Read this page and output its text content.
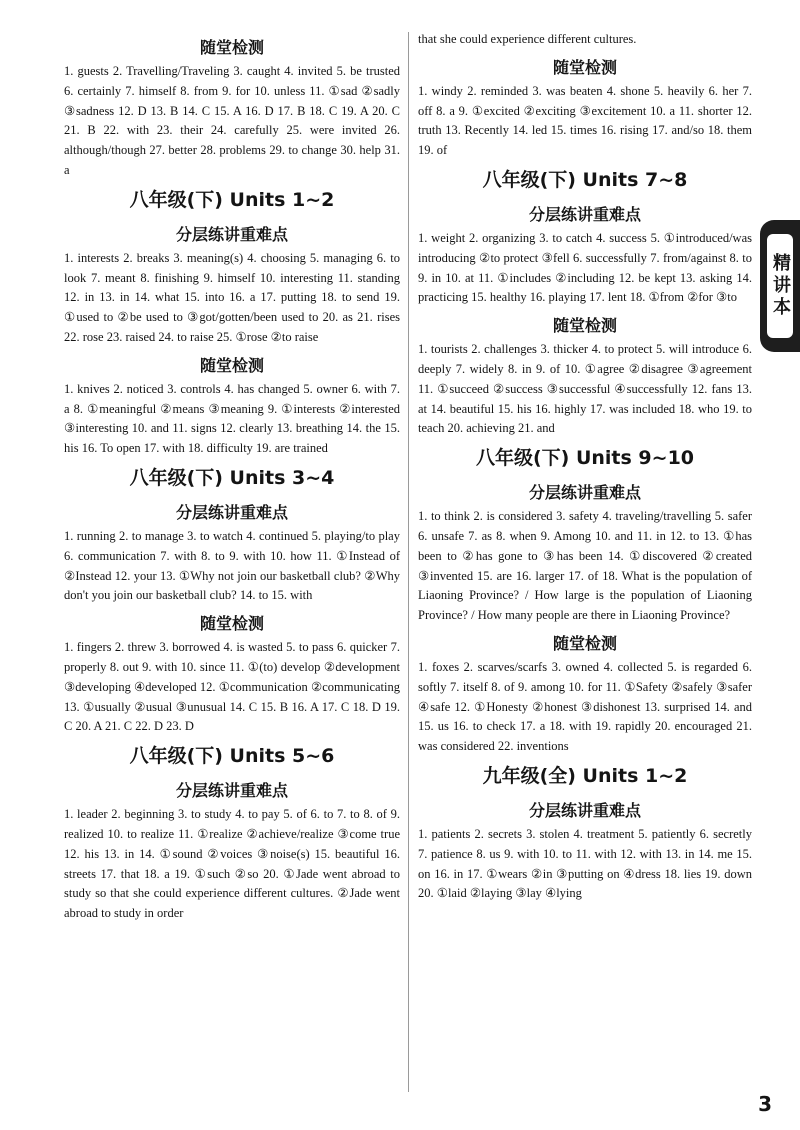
随堂检测
1. guests 2. Travelling/Traveling 3. caught 4. invited 5. be trusted 6. certainly 7. himself 8. from 9. for 10. unless 11. ①sad ②sadly ③sadness 12. D 13. B 14. C 15. A 16. D 17. B 18. C 19. A 20. C 21. B 22. with 23. their 24. carefully 25. were invited 26. although/though 27. better 28. problems 29. to change 30. help 31. a
八年级(下) Units 1~2
分层练讲重难点
1. interests 2. breaks 3. meaning(s) 4. choosing 5. managing 6. to look 7. meant 8. finishing 9. himself 10. interesting 11. standing 12. in 13. in 14. what 15. into 16. a 17. putting 18. to send 19. ①used to ②be used to ③got/gotten/been used to 20. as 21. rises 22. rose 23. raised 24. to raise 25. ①rose ②to raise
随堂检测
1. knives 2. noticed 3. controls 4. has changed 5. owner 6. with 7. a 8. ①meaningful ②means ③meaning 9. ①interests ②interested ③interesting 10. and 11. signs 12. clearly 13. breathing 14. the 15. his 16. To open 17. with 18. difficulty 19. are trained
八年级(下) Units 3~4
分层练讲重难点
1. running 2. to manage 3. to watch 4. continued 5. playing/to play 6. communication 7. with 8. to 9. with 10. how 11. ①Instead of ②Instead 12. your 13. ①Why not join our basketball club? ②Why don't you join our basketball club? 14. to 15. with
随堂检测
1. fingers 2. threw 3. borrowed 4. is wasted 5. to pass 6. quicker 7. properly 8. out 9. with 10. since 11. ①(to) develop ②development ③developing ④developed 12. ①communication ②communicating 13. ①usually ②usual ③unusual 14. C 15. B 16. A 17. C 18. D 19. C 20. A 21. C 22. D 23. D
八年级(下) Units 5~6
分层练讲重难点
1. leader 2. beginning 3. to study 4. to pay 5. of 6. to 7. to 8. of 9. realized 10. to realize 11. ①realize ②achieve/realize ③come true 12. his 13. in 14. ①sound ②voices ③noise(s) 15. beautiful 16. streets 17. that 18. a 19. ①such ②so 20. ①Jade went abroad to study so that she could experience different cultures. ②Jade went abroad to study in order
that she could experience different cultures.
随堂检测
1. windy 2. reminded 3. was beaten 4. shone 5. heavily 6. her 7. off 8. a 9. ①excited ②exciting ③excitement 10. a 11. shorter 12. truth 13. Recently 14. led 15. times 16. rising 17. and/so 18. them 19. of
八年级(下) Units 7~8
分层练讲重难点
1. weight 2. organizing 3. to catch 4. success 5. ①introduced/was introducing ②to protect ③fell 6. successfully 7. from/against 8. to 9. in 10. at 11. ①includes ②including 12. be kept 13. asking 14. practicing 15. healthy 16. playing 17. lent 18. ①from ②for ③to
随堂检测
1. tourists 2. challenges 3. thicker 4. to protect 5. will introduce 6. deeply 7. widely 8. in 9. of 10. ①agree ②disagree ③agreement 11. ①succeed ②success ③successful ④successfully 12. fans 13. at 14. beautiful 15. his 16. highly 17. was included 18. who 19. to teach 20. achieving 21. and
八年级(下) Units 9~10
分层练讲重难点
1. to think 2. is considered 3. safety 4. traveling/travelling 5. safer 6. unsafe 7. as 8. when 9. Among 10. and 11. in 12. to 13. ①has been to ②has gone to ③has been 14. ①discovered ②created ③invented 15. are 16. larger 17. of 18. What is the population of Liaoning Province? / How large is the population of Liaoning Province? / How many people are there in Liaoning Province?
随堂检测
1. foxes 2. scarves/scarfs 3. owned 4. collected 5. is regarded 6. softly 7. itself 8. of 9. among 10. for 11. ①Safety ②safely ③safer ④safe 12. ①Honesty ②honest ③dishonest 13. surprised 14. and 15. us 16. to check 17. a 18. with 19. rapidly 20. encouraged 21. was considered 22. inventions
九年级(全) Units 1~2
分层练讲重难点
1. patients 2. secrets 3. stolen 4. treatment 5. patiently 6. secretly 7. patience 8. us 9. with 10. to 11. with 12. with 13. in 14. me 15. on 16. in 17. ①wears ②in ③putting on ④dress 18. lies 19. down 20. ①laid ②laying ③lay ④lying
精讲本
3
